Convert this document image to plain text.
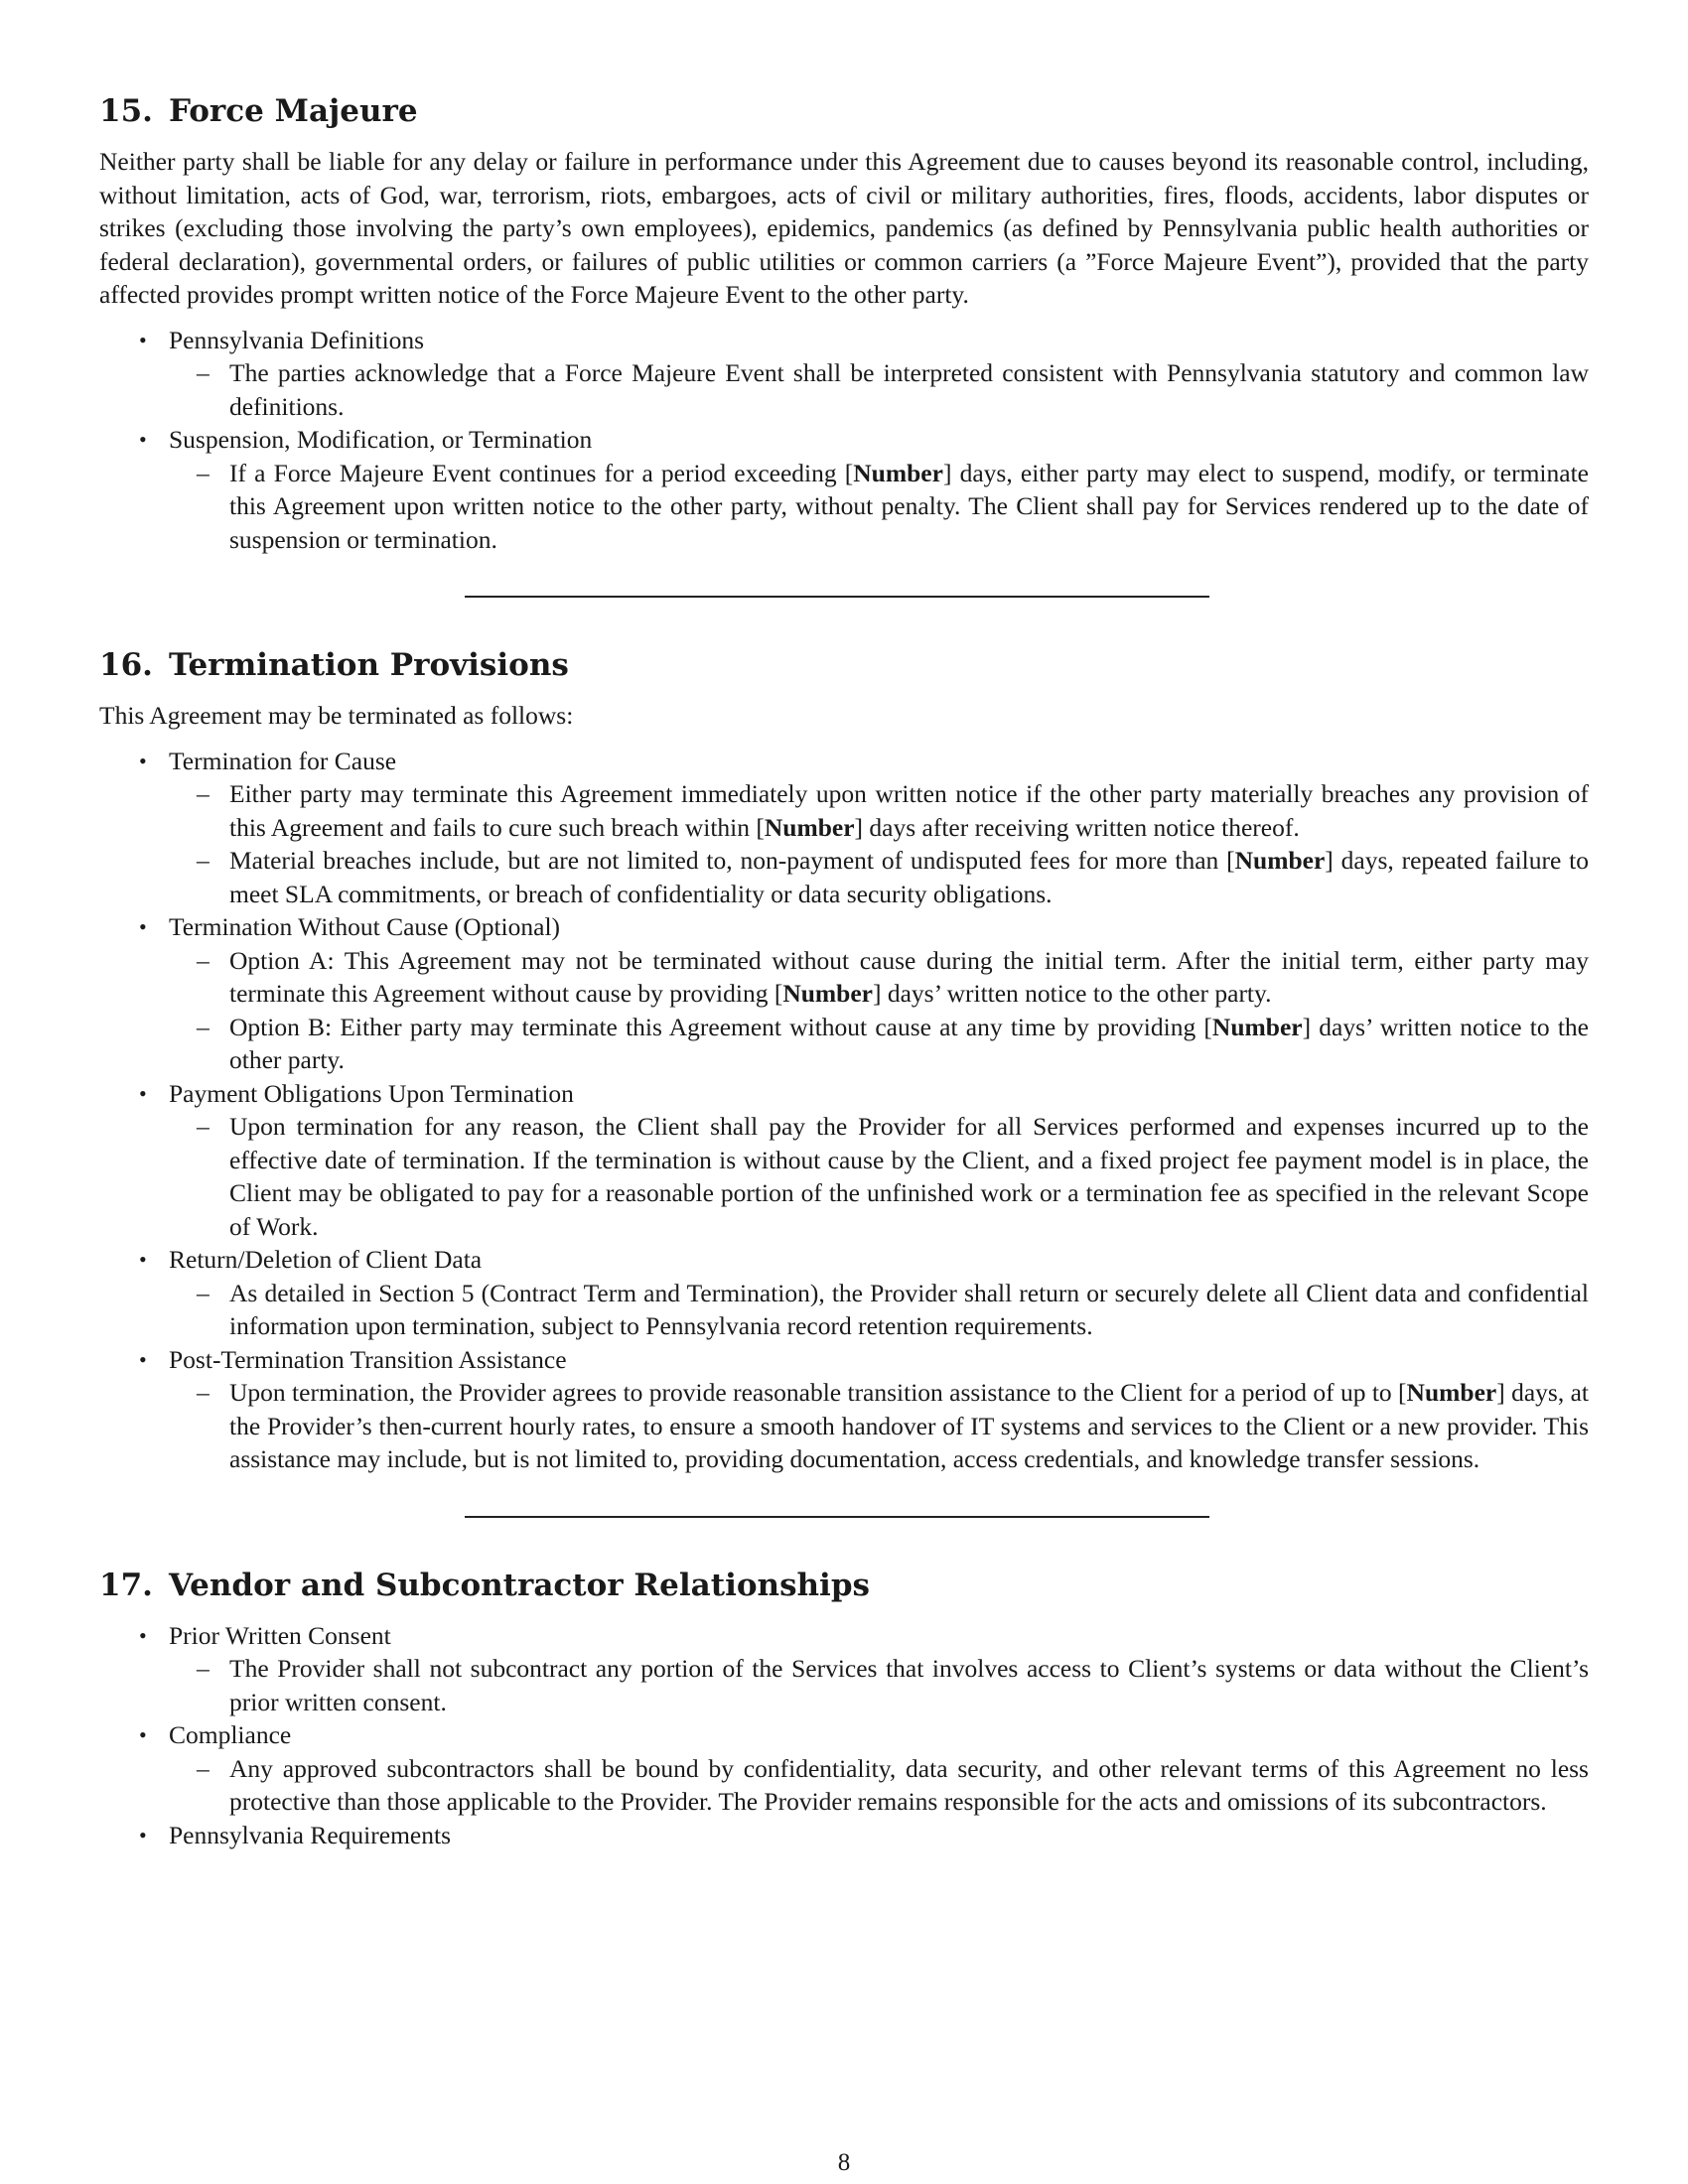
15. Force Majeure

Neither party shall be liable for any delay or failure in performance under this Agreement due to causes beyond its reasonable control, including, without limitation, acts of God, war, terrorism, riots, embargoes, acts of civil or military authorities, fires, floods, accidents, labor disputes or strikes (excluding those involving the party’s own employees), epidemics, pandemics (as defined by Pennsylvania public health authorities or federal declaration), governmental orders, or failures of public utilities or common carriers (a ”Force Majeure Event”), provided that the party affected provides prompt written notice of the Force Majeure Event to the other party.

• Pennsylvania Definitions
– The parties acknowledge that a Force Majeure Event shall be interpreted consistent with Pennsylvania statutory and common law definitions.
• Suspension, Modification, or Termination
– If a Force Majeure Event continues for a period exceeding [Number] days, either party may elect to suspend, modify, or terminate this Agreement upon written notice to the other party, without penalty. The Client shall pay for Services rendered up to the date of suspension or termination.
16. Termination Provisions

This Agreement may be terminated as follows:

• Termination for Cause
– Either party may terminate this Agreement immediately upon written notice if the other party materially breaches any provision of this Agreement and fails to cure such breach within [Number] days after receiving written notice thereof.
– Material breaches include, but are not limited to, non-payment of undisputed fees for more than [Number] days, repeated failure to meet SLA commitments, or breach of confidentiality or data security obligations.
• Termination Without Cause (Optional)
– Option A: This Agreement may not be terminated without cause during the initial term. After the initial term, either party may terminate this Agreement without cause by providing [Number] days’ written notice to the other party.
– Option B: Either party may terminate this Agreement without cause at any time by providing [Number] days’ written notice to the other party.
• Payment Obligations Upon Termination
– Upon termination for any reason, the Client shall pay the Provider for all Services performed and expenses incurred up to the effective date of termination. If the termination is without cause by the Client, and a fixed project fee payment model is in place, the Client may be obligated to pay for a reasonable portion of the unfinished work or a termination fee as specified in the relevant Scope of Work.
• Return/Deletion of Client Data
– As detailed in Section 5 (Contract Term and Termination), the Provider shall return or securely delete all Client data and confidential information upon termination, subject to Pennsylvania record retention requirements.
• Post-Termination Transition Assistance
– Upon termination, the Provider agrees to provide reasonable transition assistance to the Client for a period of up to [Number] days, at the Provider’s then-current hourly rates, to ensure a smooth handover of IT systems and services to the Client or a new provider. This assistance may include, but is not limited to, providing documentation, access credentials, and knowledge transfer sessions.
17. Vendor and Subcontractor Relationships
• Prior Written Consent
– The Provider shall not subcontract any portion of the Services that involves access to Client’s systems or data without the Client’s prior written consent.
• Compliance
– Any approved subcontractors shall be bound by confidentiality, data security, and other relevant terms of this Agreement no less protective than those applicable to the Provider. The Provider remains responsible for the acts and omissions of its subcontractors.
• Pennsylvania Requirements
8
